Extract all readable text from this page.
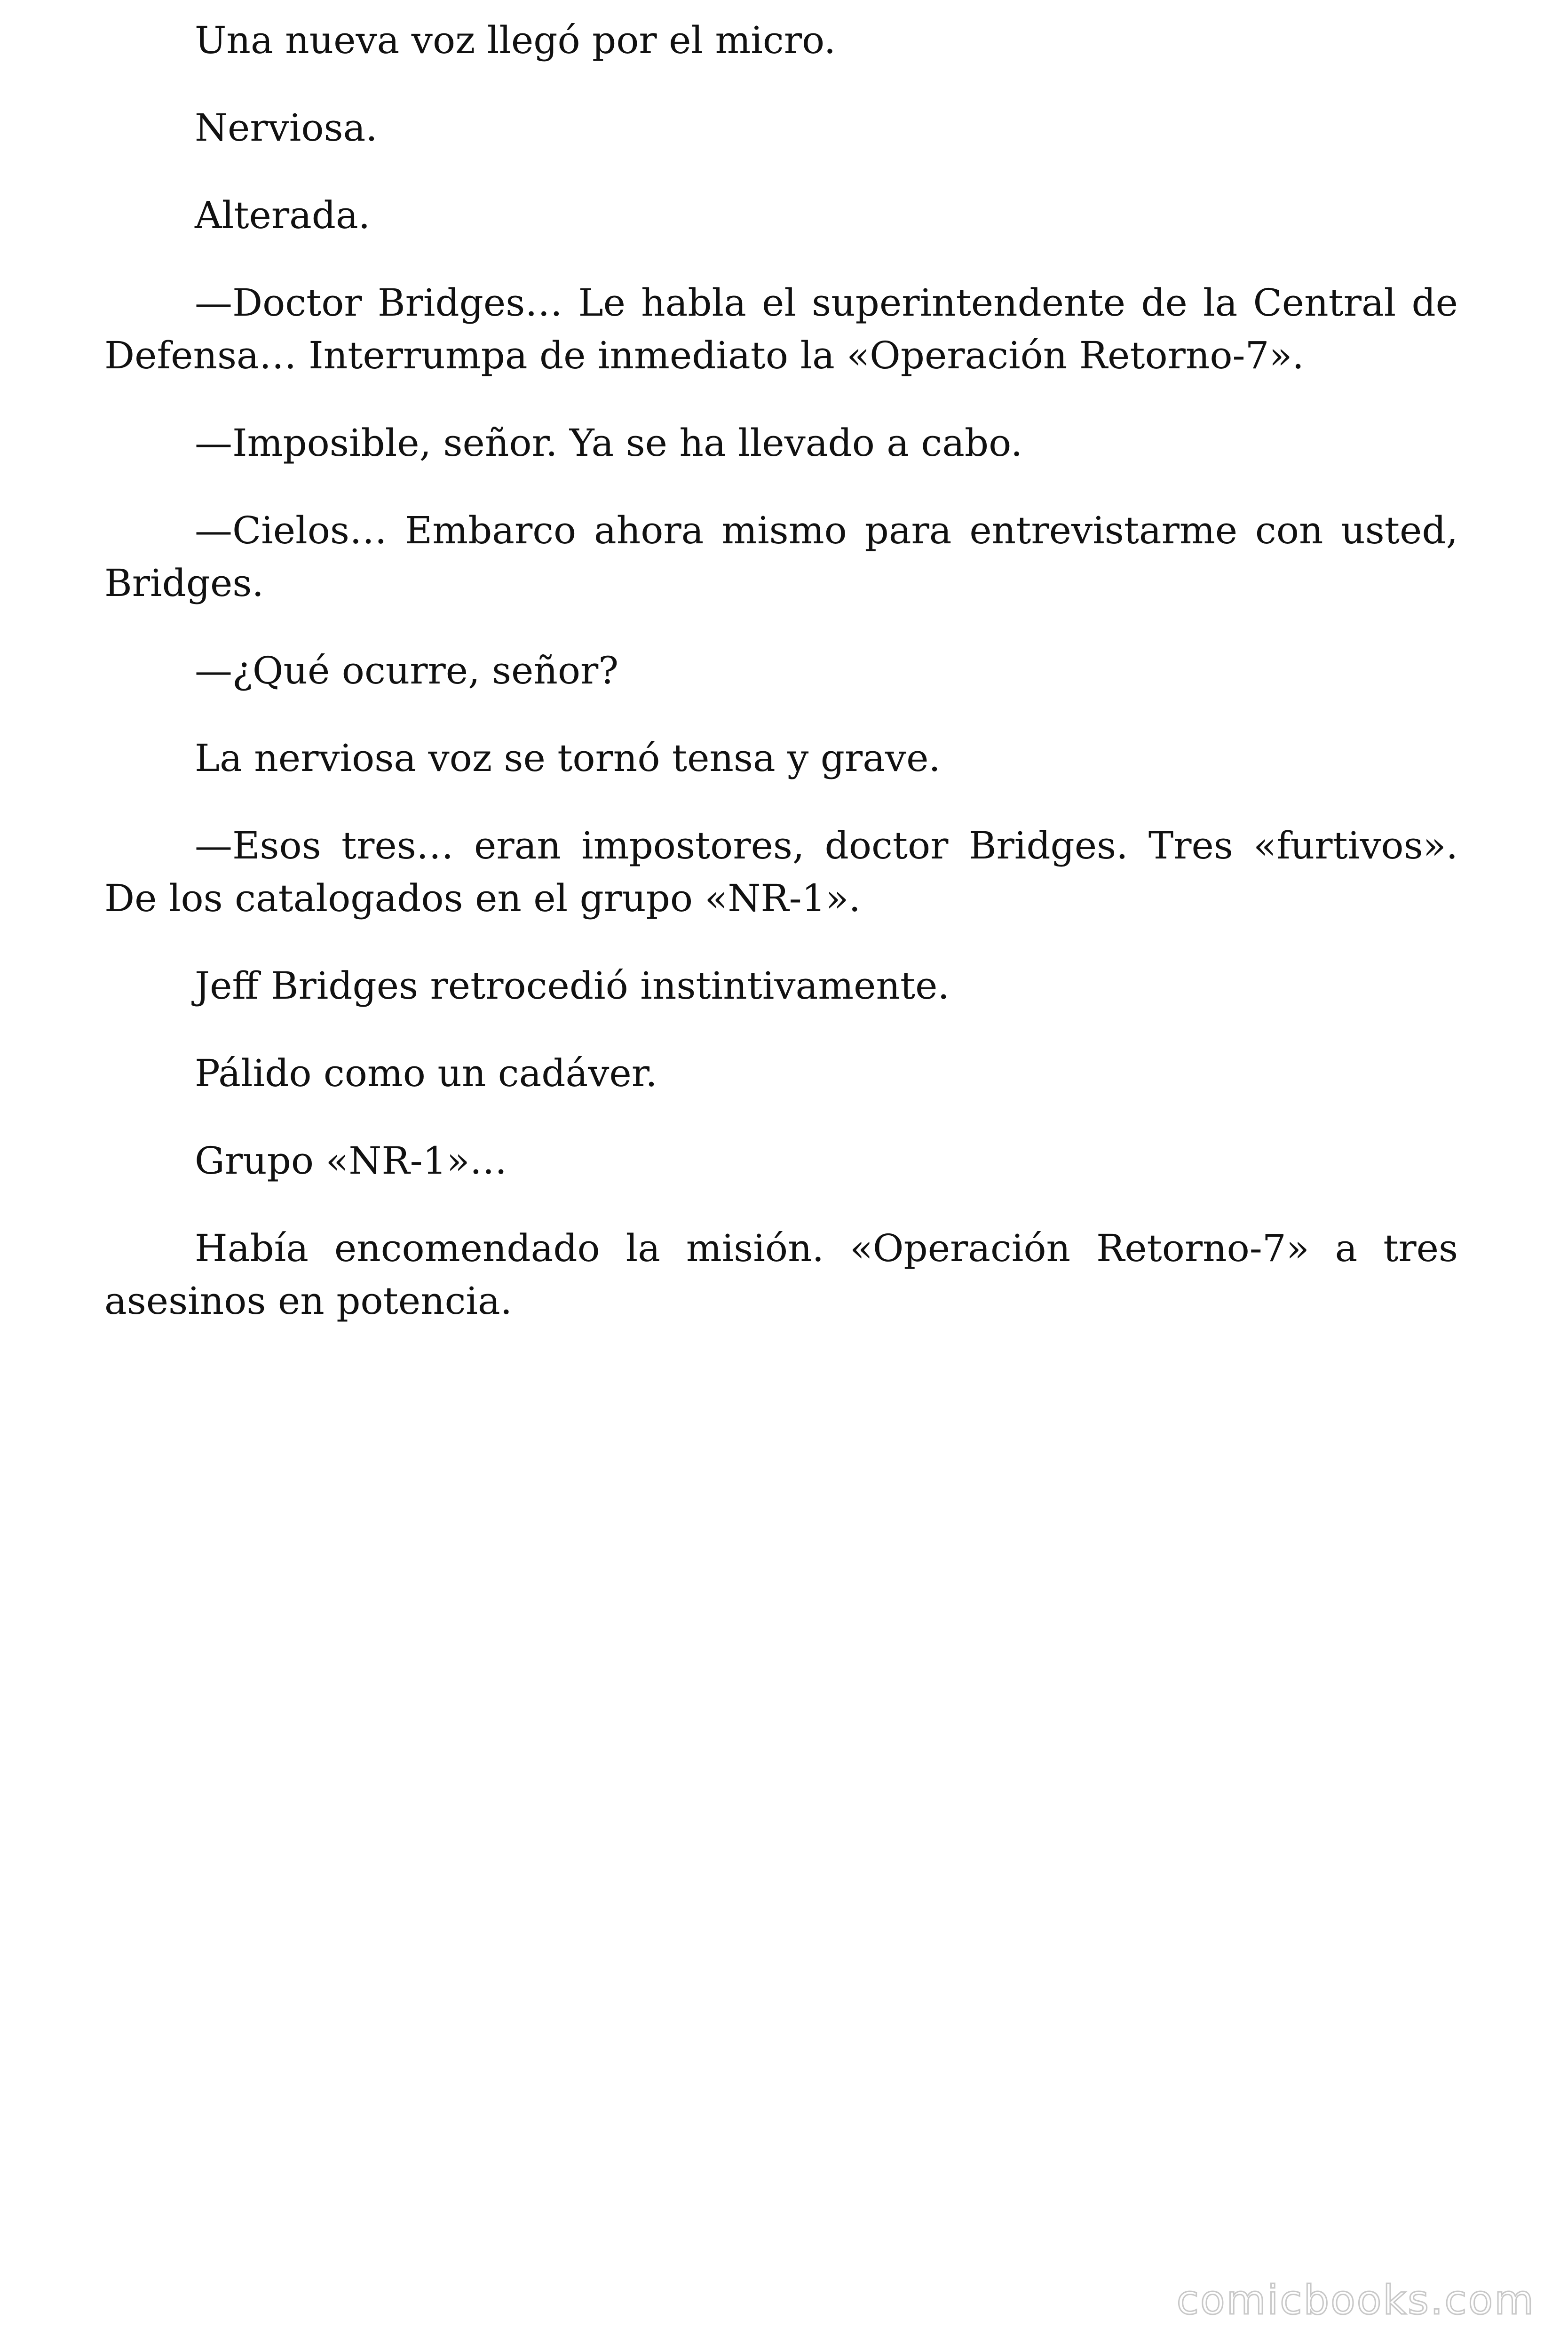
Una nueva voz llegó por el micro.

Nerviosa.

Alterada.

—Doctor Bridges… Le habla el superintendente de la Central de Defensa… Interrumpa de inmediato la «Operación Retorno-7».

—Imposible, señor. Ya se ha llevado a cabo.

—Cielos… Embarco ahora mismo para entrevistarme con usted, Bridges.

—¿Qué ocurre, señor?

La nerviosa voz se tornó tensa y grave.

—Esos tres… eran impostores, doctor Bridges. Tres «furtivos». De los catalogados en el grupo «NR-1».

Jeff Bridges retrocedió instintivamente.

Pálido como un cadáver.

Grupo «NR-1»…

Había encomendado la misión. «Operación Retorno-7» a tres asesinos en potencia.

comicbooks.com
